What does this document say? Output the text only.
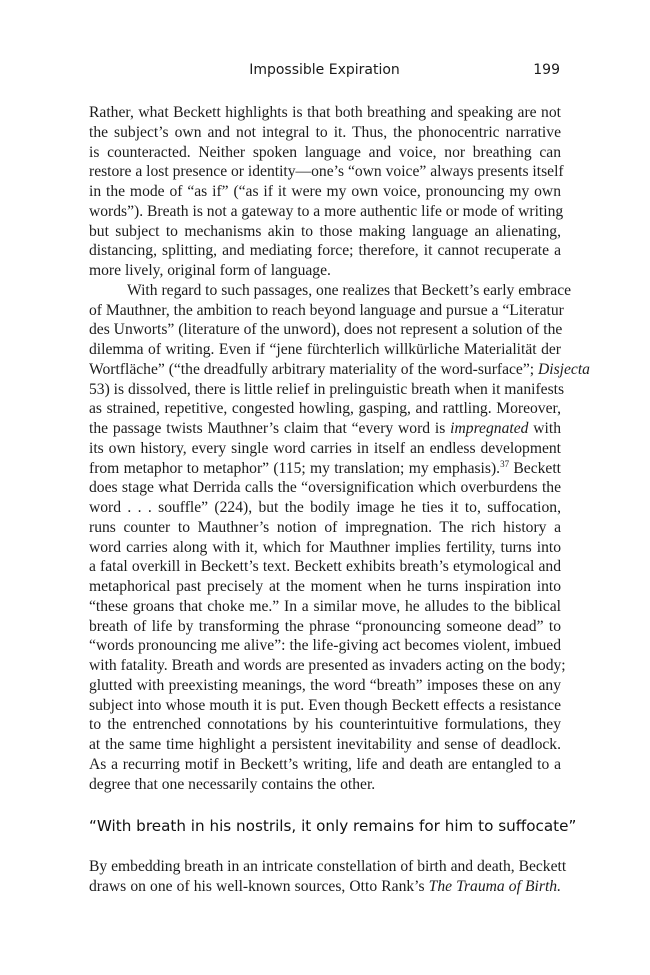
Impossible Expiration	199
Rather, what Beckett highlights is that both breathing and speaking are not
the subject’s own and not integral to it. Thus, the phonocentric narrative
is counteracted. Neither spoken language and voice, nor breathing can
restore a lost presence or identity—one’s “own voice” always presents itself
in the mode of “as if” (“as if it were my own voice, pronouncing my own
words”). Breath is not a gateway to a more authentic life or mode of writing
but subject to mechanisms akin to those making language an alienating,
distancing, splitting, and mediating force; therefore, it cannot recuperate a
more lively, original form of language.
With regard to such passages, one realizes that Beckett’s early embrace
of Mauthner, the ambition to reach beyond language and pursue a “Literatur
des Unworts” (literature of the unword), does not represent a solution of the
dilemma of writing. Even if “jene fürchterlich willkürliche Materialität der
Wortfläche” (“the dreadfully arbitrary materiality of the word-surface”; Disjecta
53) is dissolved, there is little relief in prelinguistic breath when it manifests
as strained, repetitive, congested howling, gasping, and rattling. Moreover,
the passage twists Mauthner’s claim that “every word is impregnated with
its own history, every single word carries in itself an endless development
from metaphor to metaphor” (115; my translation; my emphasis).$^{37}$ Beckett
does stage what Derrida calls the “oversignification which overburdens the
word . . . souffle” (224), but the bodily image he ties it to, suffocation,
runs counter to Mauthner’s notion of impregnation. The rich history a
word carries along with it, which for Mauthner implies fertility, turns into
a fatal overkill in Beckett’s text. Beckett exhibits breath’s etymological and
metaphorical past precisely at the moment when he turns inspiration into
“these groans that choke me.” In a similar move, he alludes to the biblical
breath of life by transforming the phrase “pronouncing someone dead” to
“words pronouncing me alive”: the life-giving act becomes violent, imbued
with fatality. Breath and words are presented as invaders acting on the body;
glutted with preexisting meanings, the word “breath” imposes these on any
subject into whose mouth it is put. Even though Beckett effects a resistance
to the entrenched connotations by his counterintuitive formulations, they
at the same time highlight a persistent inevitability and sense of deadlock.
As a recurring motif in Beckett’s writing, life and death are entangled to a
degree that one necessarily contains the other.
“With breath in his nostrils, it only remains for him to suffocate”
By embedding breath in an intricate constellation of birth and death, Beckett
draws on one of his well-known sources, Otto Rank’s The Trauma of Birth.
